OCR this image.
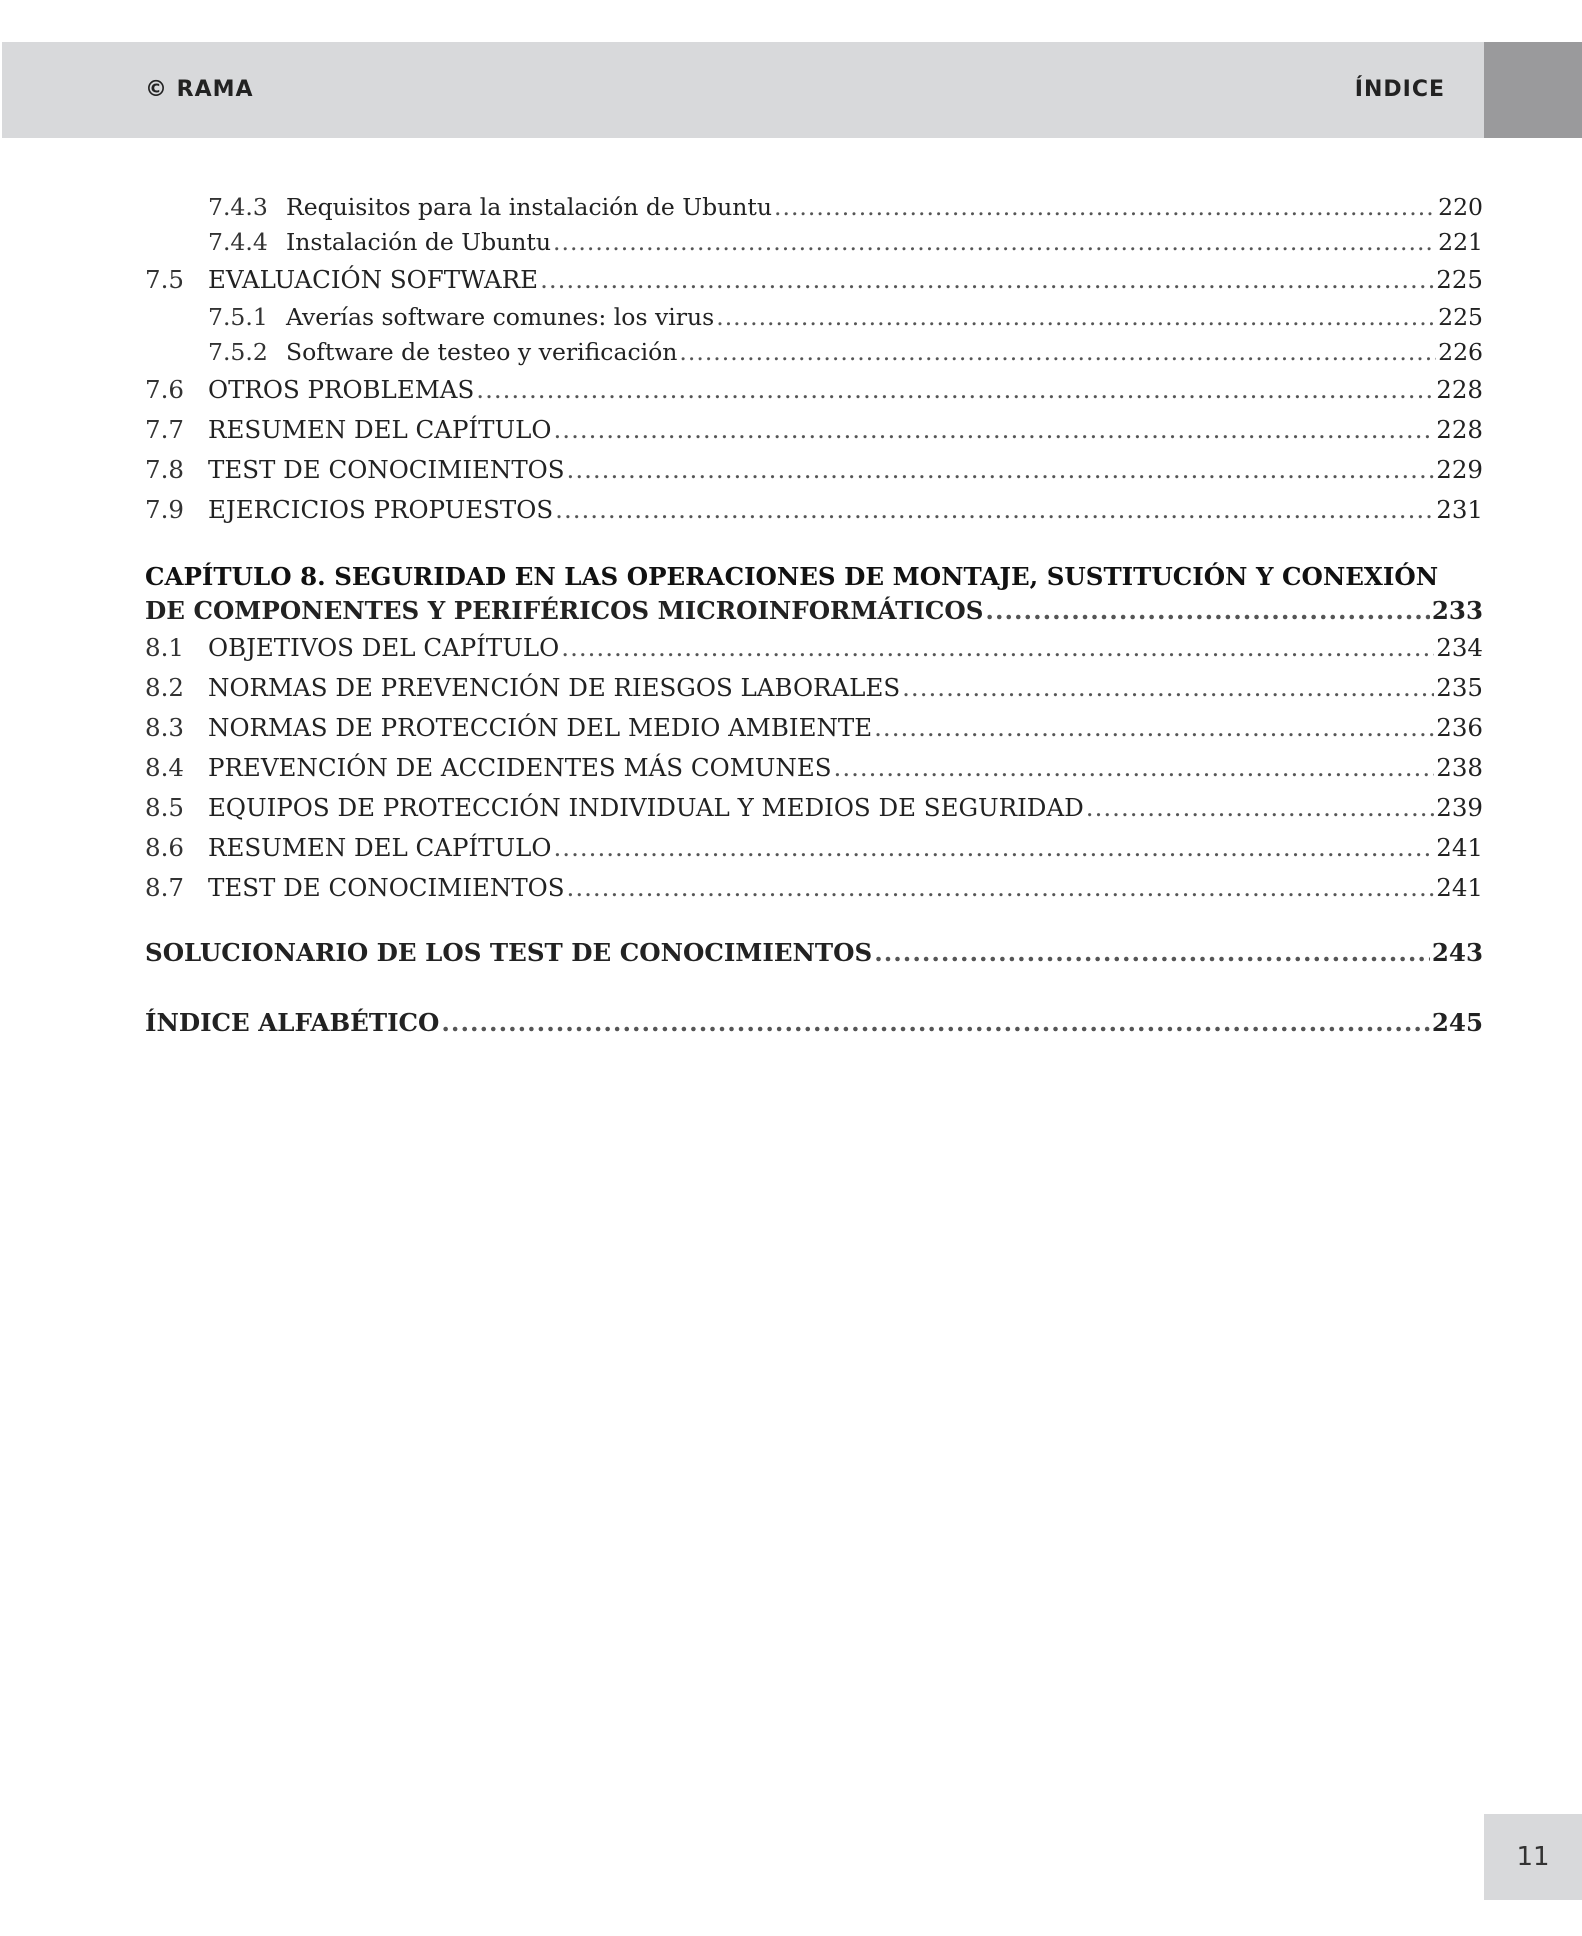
© RAMA	ÍNDICE
7.4.3 Requisitos para la instalación de Ubuntu .....	220
7.4.4 Instalación de Ubuntu .....	221
7.5 EVALUACIÓN SOFTWARE .....	225
7.5.1 Averías software comunes: los virus .....	225
7.5.2 Software de testeo y verificación .....	226
7.6 OTROS PROBLEMAS .....	228
7.7 RESUMEN DEL CAPÍTULO .....	228
7.8 TEST DE CONOCIMIENTOS .....	229
7.9 EJERCICIOS PROPUESTOS .....	231
CAPÍTULO 8. SEGURIDAD EN LAS OPERACIONES DE MONTAJE, SUSTITUCIÓN Y CONEXIÓN
DE COMPONENTES Y PERIFÉRICOS MICROINFORMÁTICOS .....	233
8.1 OBJETIVOS DEL CAPÍTULO .....	234
8.2 NORMAS DE PREVENCIÓN DE RIESGOS LABORALES .....	235
8.3 NORMAS DE PROTECCIÓN DEL MEDIO AMBIENTE .....	236
8.4 PREVENCIÓN DE ACCIDENTES MÁS COMUNES .....	238
8.5 EQUIPOS DE PROTECCIÓN INDIVIDUAL Y MEDIOS DE SEGURIDAD .....	239
8.6 RESUMEN DEL CAPÍTULO .....	241
8.7 TEST DE CONOCIMIENTOS .....	241
SOLUCIONARIO DE LOS TEST DE CONOCIMIENTOS .....	243
ÍNDICE ALFABÉTICO .....	245
11
